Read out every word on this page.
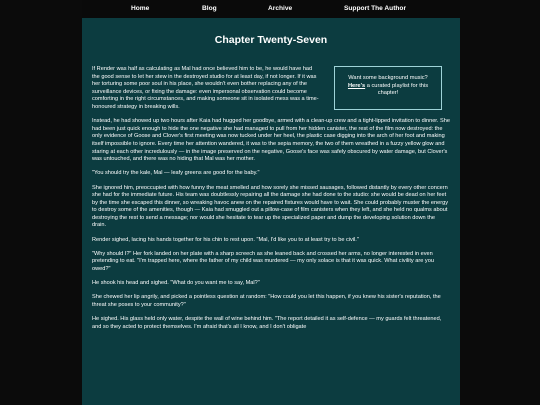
Home	Blog	Archive	Support The Author
Chapter Twenty-Seven
Want some background music?
Here's a curated playlist for this chapter!

If Render was half as calculating as Mal had once believed him to be, he would have had the good sense to let her stew in the destroyed studio for at least day, if not longer. If it was her torturing some poor soul in his place, she wouldn't even bother replacing any of the surveillance devices, or fixing the damage: even impersonal observation could become comforting in the right circumstances, and making someone sit in isolated mess was a time-honoured strategy in breaking wills.

Instead, he had showed up two hours after Kaia had hugged her goodbye, armed with a clean-up crew and a tight-lipped invitation to dinner. She had been just quick enough to hide the one negative she had managed to pull from her hidden canister, the rest of the film now destroyed: the only evidence of Goose and Clover's first meeting was now tucked under her heel, the plastic case digging into the arch of her foot and making itself impossible to ignore. Every time her attention wandered, it was to the sepia memory, the two of them wreathed in a fuzzy yellow glow and staring at each other incredulously — in the image preserved on the negative, Goose's face was safely obscured by water damage, but Clover's was untouched, and there was no hiding that Mal was her mother.

"You should try the kale, Mal — leafy greens are good for the baby."

She ignored him, preoccupied with how funny the meat smelled and how sorely she missed sausages, followed distantly by every other concern she had for the immediate future. His team was doubtlessly repairing all the damage she had done to the studio: she would be dead on her feet by the time she escaped this dinner, so wreaking havoc anew on the repaired fixtures would have to wait. She could probably muster the energy to destroy some of the amenities, though — Kaia had smuggled out a pillow-case of film canisters when they left, and she held no qualms about destroying the rest to send a message; nor would she hesitate to tear up the specialized paper and dump the developing solution down the drain.

Render sighed, lacing his hands together for his chin to rest upon. "Mal, I'd like you to at least try to be civil."

"Why should I?" Her fork landed on her plate with a sharp screech as she leaned back and crossed her arms, no longer interested in even pretending to eat. "I'm trapped here, where the father of my child was murdered — my only solace is that it was quick. What civility are you owed?"

He shook his head and sighed. "What do you want me to say, Mal?"

She chewed her lip angrily, and picked a pointless question at random: "How could you let this happen, if you knew his sister's reputation, the threat she poses to your community?"

He sighed. His glass held only water, despite the wall of wine behind him. "The report detailed it as self-defence — my guards felt threatened, and so they acted to protect themselves. I'm afraid that's all I know, and I don't obligate
